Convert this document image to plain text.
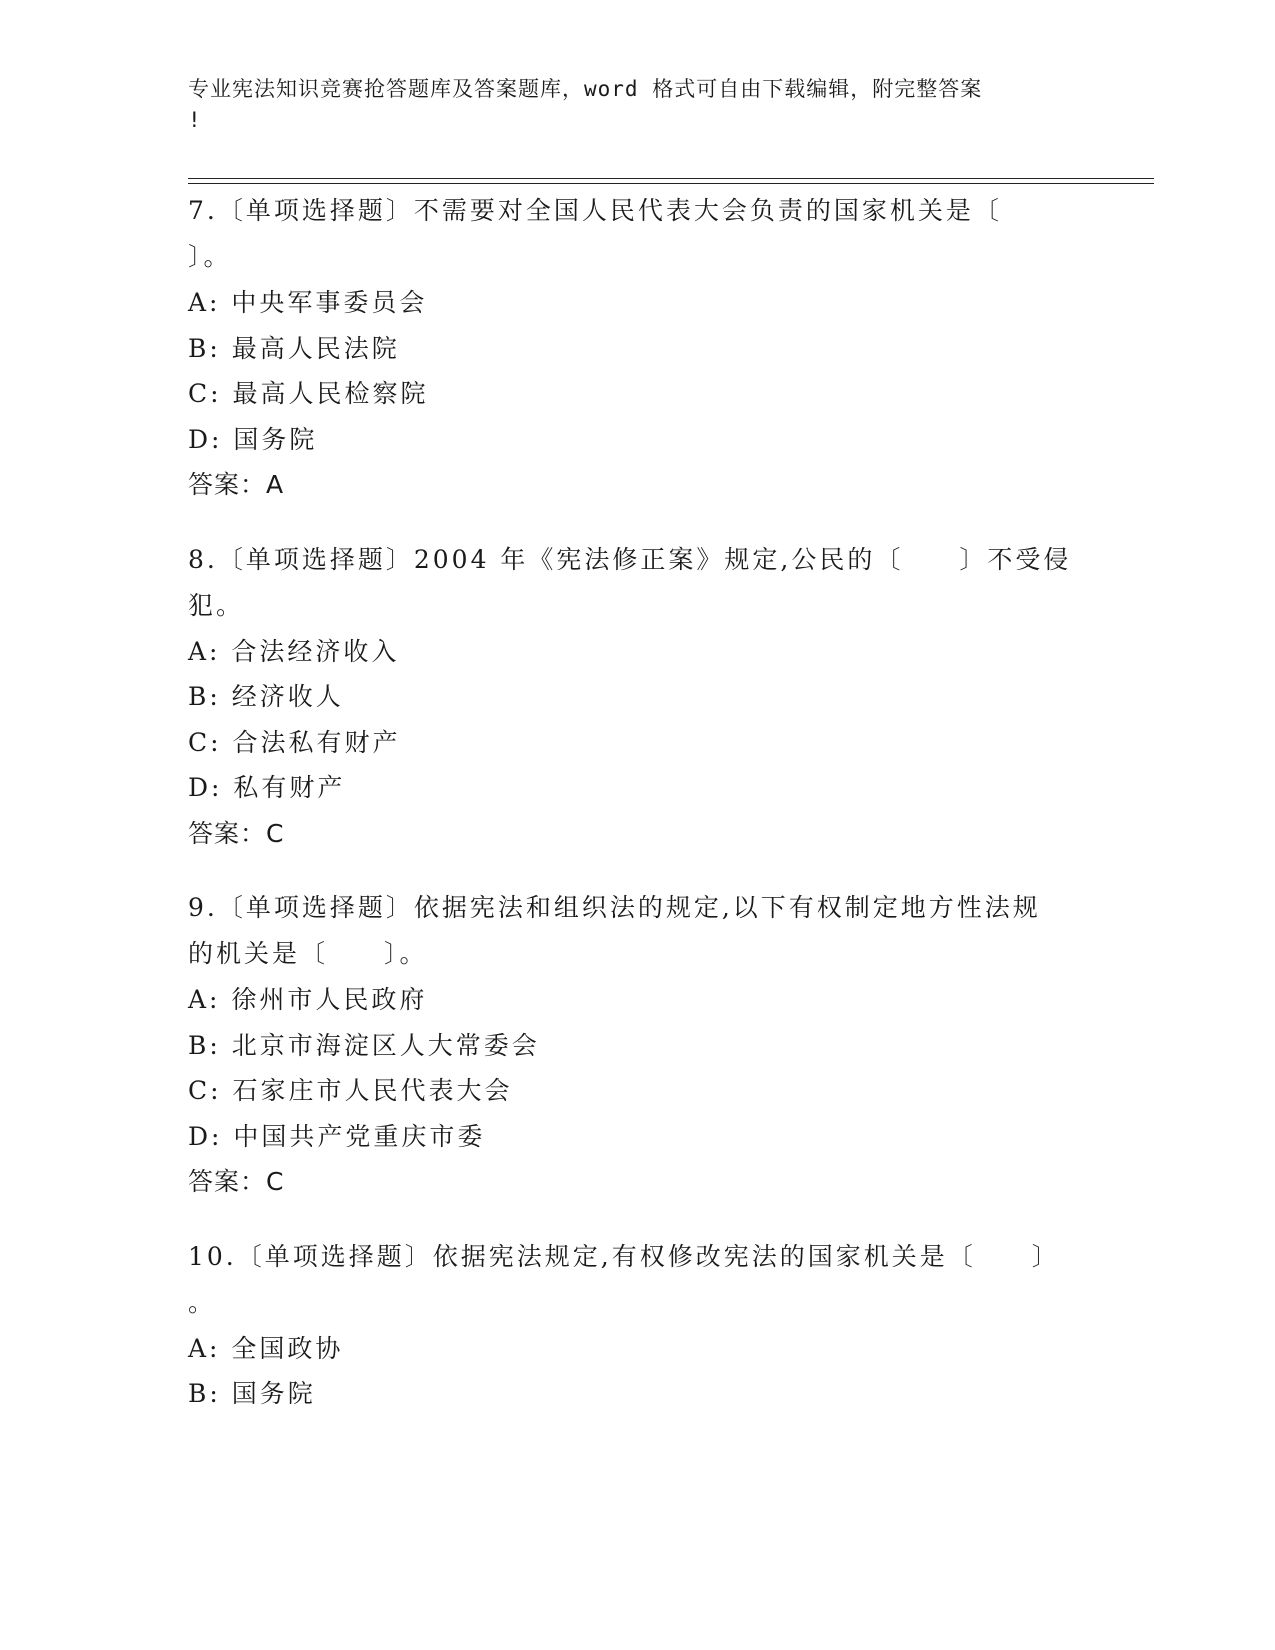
专业宪法知识竞赛抢答题库及答案题库，word 格式可自由下载编辑，附完整答案
!
7.〔单项选择题〕不需要对全国人民代表大会负责的国家机关是〔
〕。
A: 中央军事委员会
B: 最高人民法院
C: 最高人民检察院
D: 国务院
答案：A
8.〔单项选择题〕2004 年《宪法修正案》规定,公民的〔　　〕不受侵
犯。
A: 合法经济收入
B: 经济收人
C: 合法私有财产
D: 私有财产
答案：C
9.〔单项选择题〕依据宪法和组织法的规定,以下有权制定地方性法规
的机关是〔　　〕。
A: 徐州市人民政府
B: 北京市海淀区人大常委会
C: 石家庄市人民代表大会
D: 中国共产党重庆市委
答案：C
10.〔单项选择题〕依据宪法规定,有权修改宪法的国家机关是〔　　〕
。
A: 全国政协
B: 国务院
